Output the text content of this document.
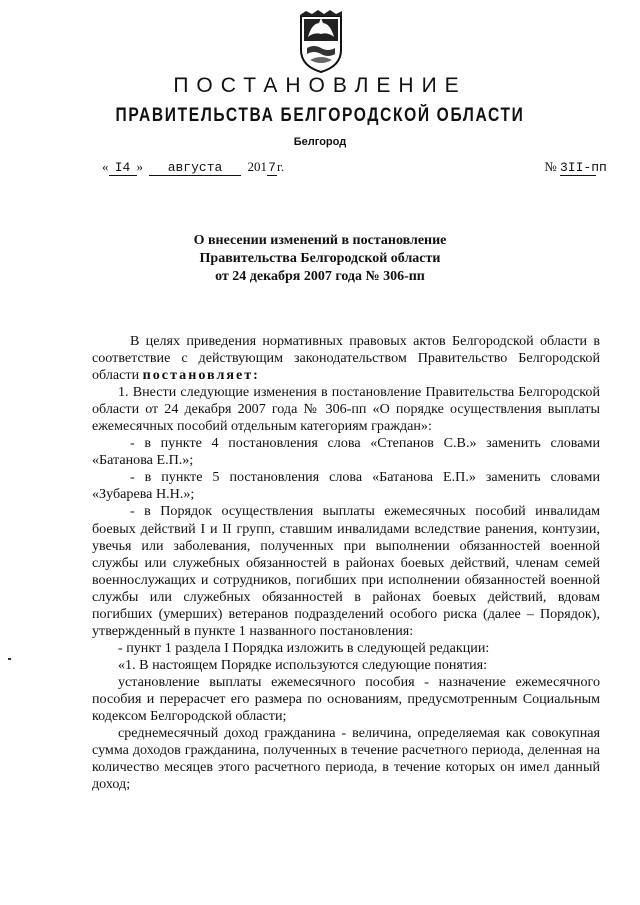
ПОСТАНОВЛЕНИЕ
ПРАВИТЕЛЬСТВА БЕЛГОРОДСКОЙ ОБЛАСТИ
Белгород
« I4 » августа 2017г.	№ 3II-пп
О внесении изменений в постановление
Правительства Белгородской области
от 24 декабря 2007 года № 306-пп

В целях приведения нормативных правовых актов Белгородской области в соответствие с действующим законодательством Правительство Белгородской области постановляет:

1. Внести следующие изменения в постановление Правительства Белгородской области от 24 декабря 2007 года № 306-пп «О порядке осуществления выплаты ежемесячных пособий отдельным категориям граждан»:

- в пункте 4 постановления слова «Степанов С.В.» заменить словами «Батанова Е.П.»;

- в пункте 5 постановления слова «Батанова Е.П.» заменить словами «Зубарева Н.Н.»;

- в Порядок осуществления выплаты ежемесячных пособий инвалидам боевых действий I и II групп, ставшим инвалидами вследствие ранения, контузии, увечья или заболевания, полученных при выполнении обязанностей военной службы или служебных обязанностей в районах боевых действий, членам семей военнослужащих и сотрудников, погибших при исполнении обязанностей военной службы или служебных обязанностей в районах боевых действий, вдовам погибших (умерших) ветеранов подразделений особого риска (далее – Порядок), утвержденный в пункте 1 названного постановления:

- пункт 1 раздела I Порядка изложить в следующей редакции:

«1. В настоящем Порядке используются следующие понятия:

установление выплаты ежемесячного пособия - назначение ежемесячного пособия и перерасчет его размера по основаниям, предусмотренным Социальным кодексом Белгородской области;

среднемесячный доход гражданина - величина, определяемая как совокупная сумма доходов гражданина, полученных в течение расчетного периода, деленная на количество месяцев этого расчетного периода, в течение которых он имел данный доход;
